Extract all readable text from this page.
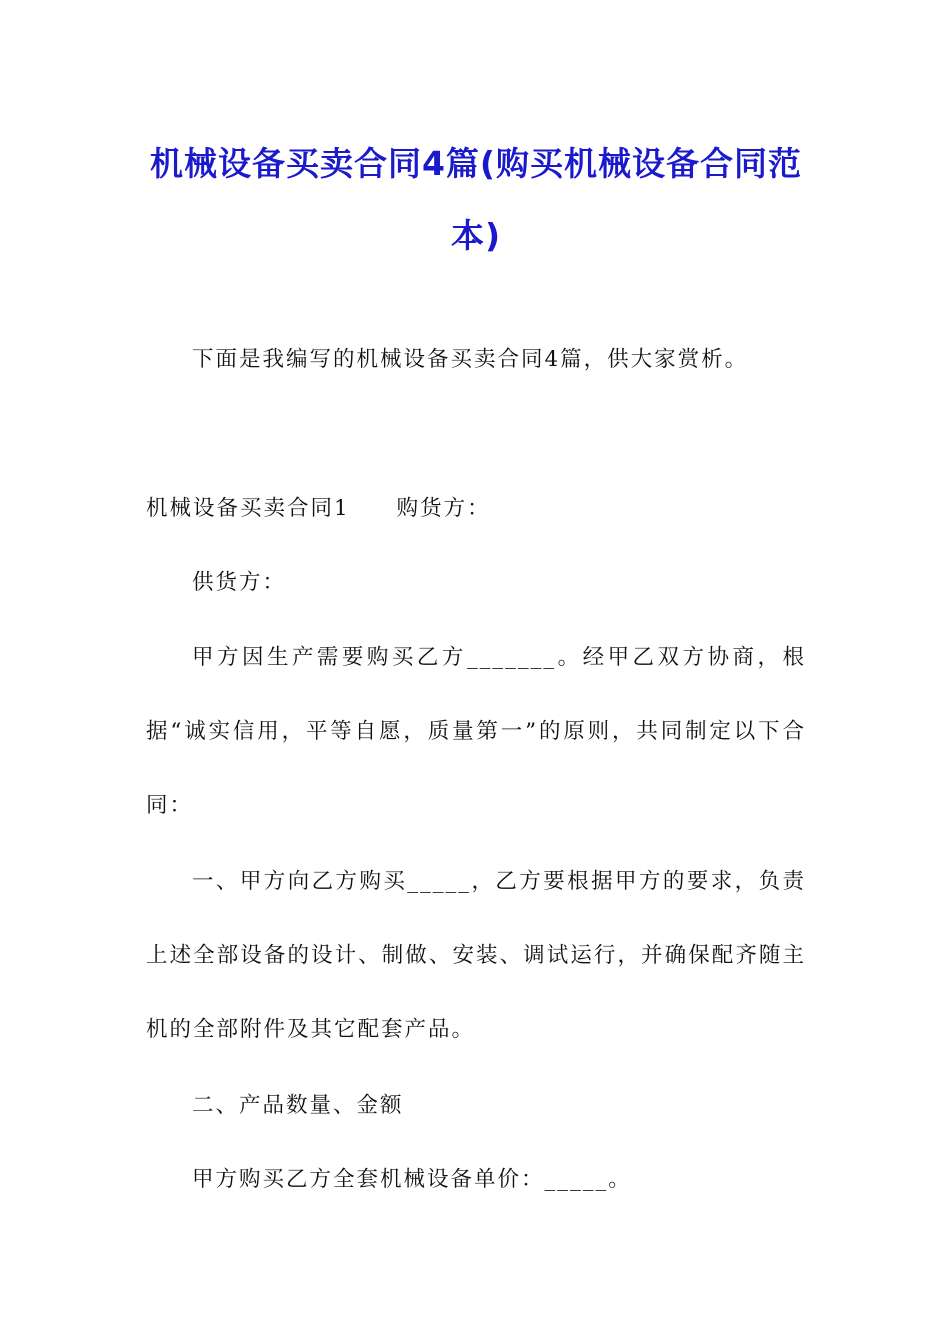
机械设备买卖合同4篇(购买机械设备合同范本)

下面是我编写的机械设备买卖合同4篇，供大家赏析。

机械设备买卖合同1　　购货方：

供货方：

甲方因生产需要购买乙方_______。经甲乙双方协商，根据“诚实信用，平等自愿，质量第一”的原则，共同制定以下合同：

一、甲方向乙方购买_____，乙方要根据甲方的要求，负责上述全部设备的设计、制做、安装、调试运行，并确保配齐随主机的全部附件及其它配套产品。

二、产品数量、金额

甲方购买乙方全套机械设备单价：_____。
